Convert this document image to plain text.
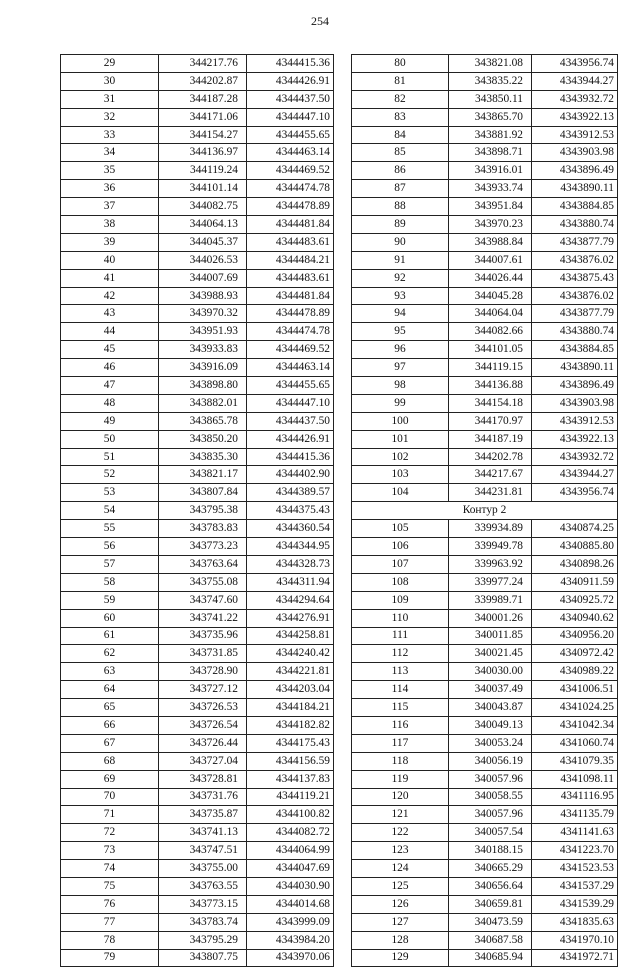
254
29	344217.76	4344415.36
30	344202.87	4344426.91
31	344187.28	4344437.50
32	344171.06	4344447.10
33	344154.27	4344455.65
34	344136.97	4344463.14
35	344119.24	4344469.52
36	344101.14	4344474.78
37	344082.75	4344478.89
38	344064.13	4344481.84
39	344045.37	4344483.61
40	344026.53	4344484.21
41	344007.69	4344483.61
42	343988.93	4344481.84
43	343970.32	4344478.89
44	343951.93	4344474.78
45	343933.83	4344469.52
46	343916.09	4344463.14
47	343898.80	4344455.65
48	343882.01	4344447.10
49	343865.78	4344437.50
50	343850.20	4344426.91
51	343835.30	4344415.36
52	343821.17	4344402.90
53	343807.84	4344389.57
54	343795.38	4344375.43
55	343783.83	4344360.54
56	343773.23	4344344.95
57	343763.64	4344328.73
58	343755.08	4344311.94
59	343747.60	4344294.64
60	343741.22	4344276.91
61	343735.96	4344258.81
62	343731.85	4344240.42
63	343728.90	4344221.81
64	343727.12	4344203.04
65	343726.53	4344184.21
66	343726.54	4344182.82
67	343726.44	4344175.43
68	343727.04	4344156.59
69	343728.81	4344137.83
70	343731.76	4344119.21
71	343735.87	4344100.82
72	343741.13	4344082.72
73	343747.51	4344064.99
74	343755.00	4344047.69
75	343763.55	4344030.90
76	343773.15	4344014.68
77	343783.74	4343999.09
78	343795.29	4343984.20
79	343807.75	4343970.06
80	343821.08	4343956.74
81	343835.22	4343944.27
82	343850.11	4343932.72
83	343865.70	4343922.13
84	343881.92	4343912.53
85	343898.71	4343903.98
86	343916.01	4343896.49
87	343933.74	4343890.11
88	343951.84	4343884.85
89	343970.23	4343880.74
90	343988.84	4343877.79
91	344007.61	4343876.02
92	344026.44	4343875.43
93	344045.28	4343876.02
94	344064.04	4343877.79
95	344082.66	4343880.74
96	344101.05	4343884.85
97	344119.15	4343890.11
98	344136.88	4343896.49
99	344154.18	4343903.98
100	344170.97	4343912.53
101	344187.19	4343922.13
102	344202.78	4343932.72
103	344217.67	4343944.27
104	344231.81	4343956.74
Контур 2		
105	339934.89	4340874.25
106	339949.78	4340885.80
107	339963.92	4340898.26
108	339977.24	4340911.59
109	339989.71	4340925.72
110	340001.26	4340940.62
111	340011.85	4340956.20
112	340021.45	4340972.42
113	340030.00	4340989.22
114	340037.49	4341006.51
115	340043.87	4341024.25
116	340049.13	4341042.34
117	340053.24	4341060.74
118	340056.19	4341079.35
119	340057.96	4341098.11
120	340058.55	4341116.95
121	340057.96	4341135.79
122	340057.54	4341141.63
123	340188.15	4341223.70
124	340665.29	4341523.53
125	340656.64	4341537.29
126	340659.81	4341539.29
127	340473.59	4341835.63
128	340687.58	4341970.10
129	340685.94	4341972.71
